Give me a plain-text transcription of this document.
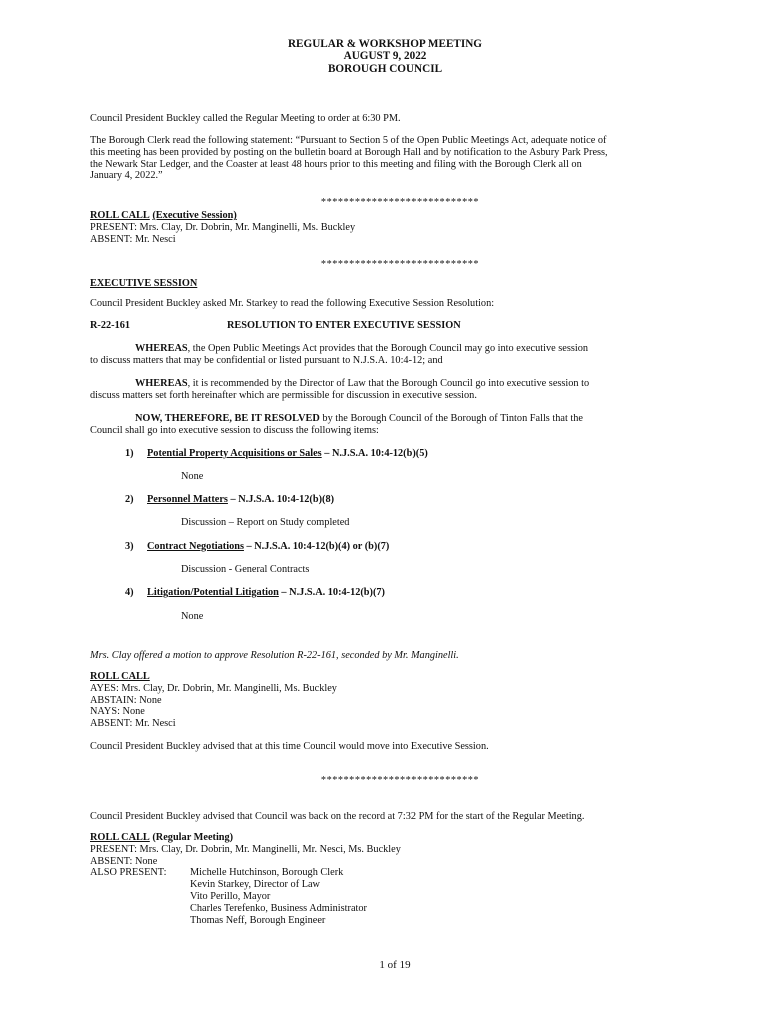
REGULAR & WORKSHOP MEETING
AUGUST 9, 2022
BOROUGH COUNCIL
Council President Buckley called the Regular Meeting to order at 6:30 PM.
The Borough Clerk read the following statement: “Pursuant to Section 5 of the Open Public Meetings Act, adequate notice of
this meeting has been provided by posting on the bulletin board at Borough Hall and by notification to the Asbury Park Press,
the Newark Star Ledger, and the Coaster at least 48 hours prior to this meeting and filing with the Borough Clerk all on
January 4, 2022.”
****************************
ROLL CALL (Executive Session)
PRESENT: Mrs. Clay, Dr. Dobrin, Mr. Manginelli, Ms. Buckley
ABSENT: Mr. Nesci
****************************
EXECUTIVE SESSION
Council President Buckley asked Mr. Starkey to read the following Executive Session Resolution:
R-22-161	RESOLUTION TO ENTER EXECUTIVE SESSION
WHEREAS, the Open Public Meetings Act provides that the Borough Council may go into executive session
to discuss matters that may be confidential or listed pursuant to N.J.S.A. 10:4-12; and
WHEREAS, it is recommended by the Director of Law that the Borough Council go into executive session to
discuss matters set forth hereinafter which are permissible for discussion in executive session.
NOW, THEREFORE, BE IT RESOLVED by the Borough Council of the Borough of Tinton Falls that the
Council shall go into executive session to discuss the following items:
1) Potential Property Acquisitions or Sales – N.J.S.A. 10:4-12(b)(5)
None
2) Personnel Matters – N.J.S.A. 10:4-12(b)(8)
Discussion – Report on Study completed
3) Contract Negotiations – N.J.S.A. 10:4-12(b)(4) or (b)(7)
Discussion - General Contracts
4) Litigation/Potential Litigation – N.J.S.A. 10:4-12(b)(7)
None
Mrs. Clay offered a motion to approve Resolution R-22-161, seconded by Mr. Manginelli.
ROLL CALL
AYES: Mrs. Clay, Dr. Dobrin, Mr. Manginelli, Ms. Buckley
ABSTAIN: None
NAYS: None
ABSENT: Mr. Nesci
Council President Buckley advised that at this time Council would move into Executive Session.
****************************
Council President Buckley advised that Council was back on the record at 7:32 PM for the start of the Regular Meeting.
ROLL CALL (Regular Meeting)
PRESENT: Mrs. Clay, Dr. Dobrin, Mr. Manginelli, Mr. Nesci, Ms. Buckley
ABSENT: None
ALSO PRESENT: Michelle Hutchinson, Borough Clerk
Kevin Starkey, Director of Law
Vito Perillo, Mayor
Charles Terefenko, Business Administrator
Thomas Neff, Borough Engineer
1 of 19
